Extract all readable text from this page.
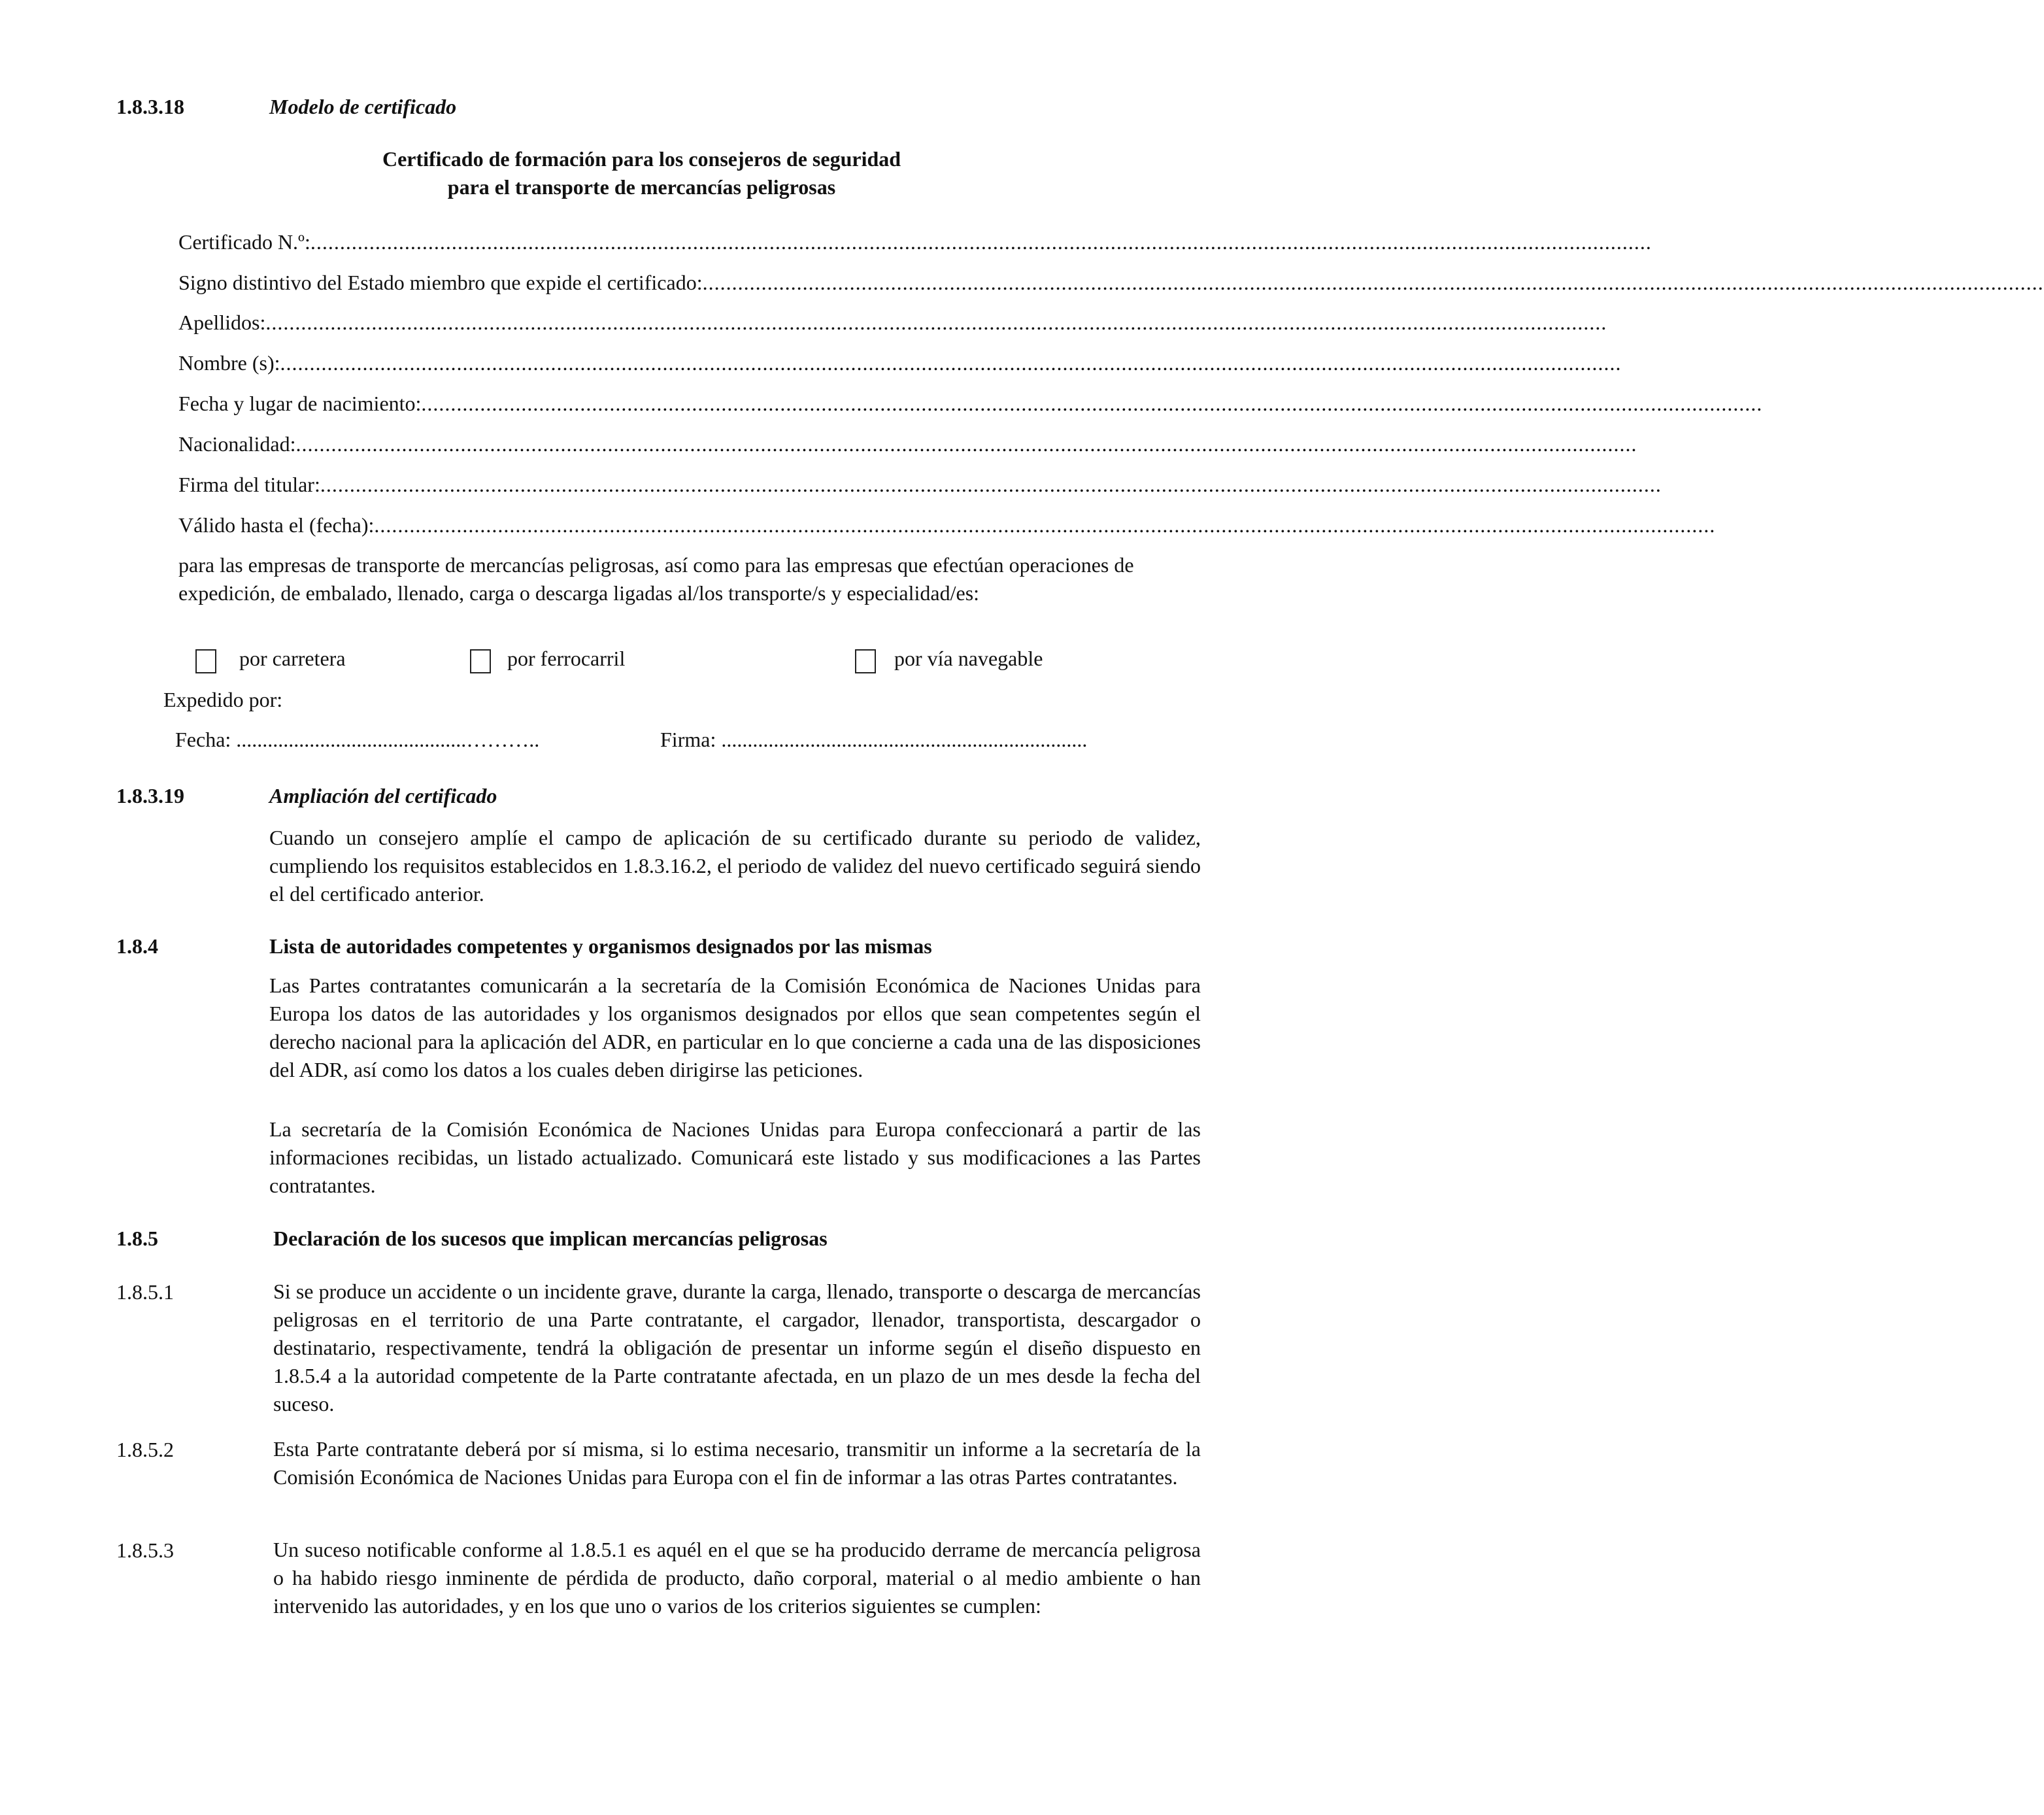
1.8.3.18	Modelo de certificado
Certificado de formación para los consejeros de seguridad
para el transporte de mercancías peligrosas
Certificado N.º: ....................................................................................................................................................................................................................................
Signo distintivo del Estado miembro que expide el certificado: ....................................................................................................................................................................................................................................
Apellidos: ....................................................................................................................................................................................................................................
Nombre (s): ....................................................................................................................................................................................................................................
Fecha y lugar de nacimiento: ....................................................................................................................................................................................................................................
Nacionalidad: ....................................................................................................................................................................................................................................
Firma del titular: ....................................................................................................................................................................................................................................
Válido hasta el (fecha): ....................................................................................................................................................................................................................................
para las empresas de transporte de mercancías peligrosas, así como para las empresas que efectúan operaciones de expedición, de embalado, llenado, carga o descarga ligadas al/los transporte/s y especialidad/es:
por carretera	por ferrocarril	por vía navegable
Expedido por:
Fecha: ............................................………..	Firma: ......................................................................
1.8.3.19	Ampliación del certificado
Cuando un consejero amplíe el campo de aplicación de su certificado durante su periodo de validez, cumpliendo los requisitos establecidos en 1.8.3.16.2, el periodo de validez del nuevo certificado seguirá siendo el del certificado anterior.
1.8.4	Lista de autoridades competentes y organismos designados por las mismas
Las Partes contratantes comunicarán a la secretaría de la Comisión Económica de Naciones Unidas para Europa los datos de las autoridades y los organismos designados por ellos que sean competentes según el derecho nacional para la aplicación del ADR, en particular en lo que concierne a cada una de las disposiciones del ADR, así como los datos a los cuales deben dirigirse las peticiones.
La secretaría de la Comisión Económica de Naciones Unidas para Europa confeccionará a partir de las informaciones recibidas, un listado actualizado. Comunicará este listado y sus modificaciones a las Partes contratantes.
1.8.5	Declaración de los sucesos que implican mercancías peligrosas
1.8.5.1	Si se produce un accidente o un incidente grave, durante la carga, llenado, transporte o descarga de mercancías peligrosas en el territorio de una Parte contratante, el cargador, llenador, transportista, descargador o destinatario, respectivamente, tendrá la obligación de presentar un informe según el diseño dispuesto en 1.8.5.4 a la autoridad competente de la Parte contratante afectada, en un plazo de un mes desde la fecha del suceso.
1.8.5.2	Esta Parte contratante deberá por sí misma, si lo estima necesario, transmitir un informe a la secretaría de la Comisión Económica de Naciones Unidas para Europa con el fin de informar a las otras Partes contratantes.
1.8.5.3	Un suceso notificable conforme al 1.8.5.1 es aquél en el que se ha producido derrame de mercancía peligrosa o ha habido riesgo inminente de pérdida de producto, daño corporal, material o al medio ambiente o han intervenido las autoridades, y en los que uno o varios de los criterios siguientes se cumplen:
